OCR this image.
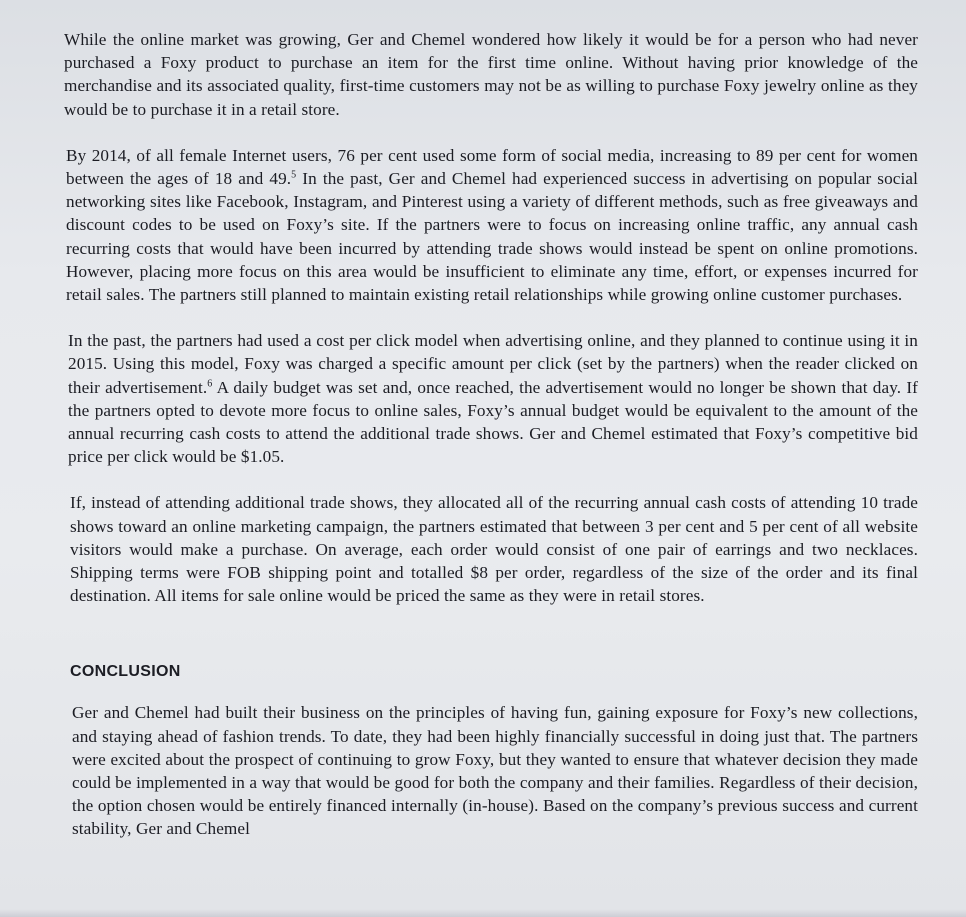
While the online market was growing, Ger and Chemel wondered how likely it would be for a person who had never purchased a Foxy product to purchase an item for the first time online. Without having prior knowledge of the merchandise and its associated quality, first-time customers may not be as willing to purchase Foxy jewelry online as they would be to purchase it in a retail store.

By 2014, of all female Internet users, 76 per cent used some form of social media, increasing to 89 per cent for women between the ages of 18 and 49.$^5$ In the past, Ger and Chemel had experienced success in advertising on popular social networking sites like Facebook, Instagram, and Pinterest using a variety of different methods, such as free giveaways and discount codes to be used on Foxy’s site. If the partners were to focus on increasing online traffic, any annual cash recurring costs that would have been incurred by attending trade shows would instead be spent on online promotions. However, placing more focus on this area would be insufficient to eliminate any time, effort, or expenses incurred for retail sales. The partners still planned to maintain existing retail relationships while growing online customer purchases.

In the past, the partners had used a cost per click model when advertising online, and they planned to continue using it in 2015. Using this model, Foxy was charged a specific amount per click (set by the partners) when the reader clicked on their advertisement.$^6$ A daily budget was set and, once reached, the advertisement would no longer be shown that day. If the partners opted to devote more focus to online sales, Foxy’s annual budget would be equivalent to the amount of the annual recurring cash costs to attend the additional trade shows. Ger and Chemel estimated that Foxy’s competitive bid price per click would be $1.05.

If, instead of attending additional trade shows, they allocated all of the recurring annual cash costs of attending 10 trade shows toward an online marketing campaign, the partners estimated that between 3 per cent and 5 per cent of all website visitors would make a purchase. On average, each order would consist of one pair of earrings and two necklaces. Shipping terms were FOB shipping point and totalled $8 per order, regardless of the size of the order and its final destination. All items for sale online would be priced the same as they were in retail stores.

CONCLUSION

Ger and Chemel had built their business on the principles of having fun, gaining exposure for Foxy’s new collections, and staying ahead of fashion trends. To date, they had been highly financially successful in doing just that. The partners were excited about the prospect of continuing to grow Foxy, but they wanted to ensure that whatever decision they made could be implemented in a way that would be good for both the company and their families. Regardless of their decision, the option chosen would be entirely financed internally (in-house). Based on the company’s previous success and current stability, Ger and Chemel
